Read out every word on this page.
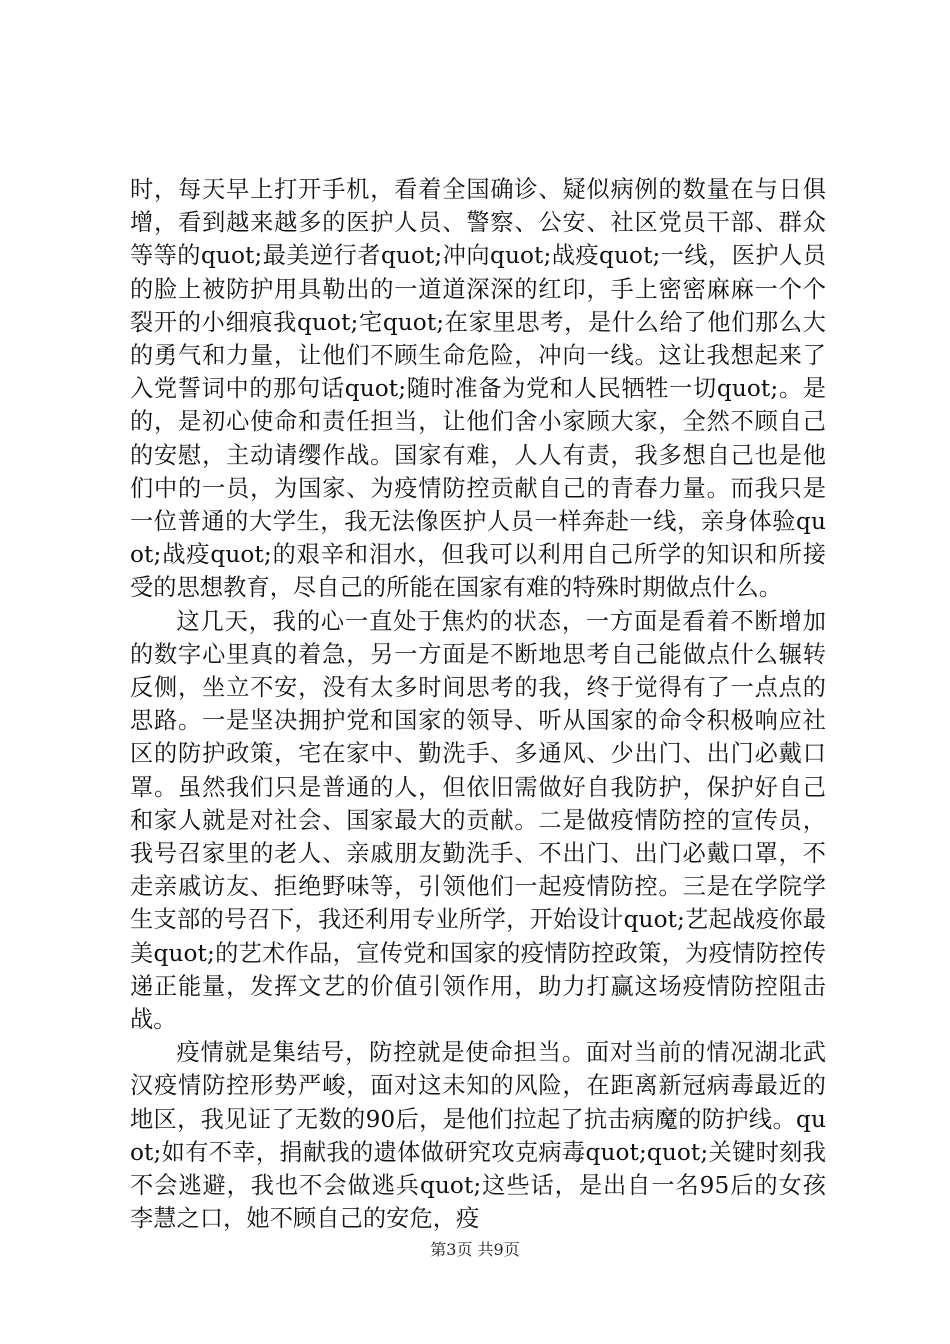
时，每天早上打开手机，看着全国确诊、疑似病例的数量在与日俱增，看到越来越多的医护人员、警察、公安、社区党员干部、群众等等的quot;最美逆行者quot;冲向quot;战疫quot;一线，医护人员的脸上被防护用具勒出的一道道深深的红印，手上密密麻麻一个个裂开的小细痕我quot;宅quot;在家里思考，是什么给了他们那么大的勇气和力量，让他们不顾生命危险，冲向一线。这让我想起来了入党誓词中的那句话quot;随时准备为党和人民牺牲一切quot;。是的，是初心使命和责任担当，让他们舍小家顾大家，全然不顾自己的安慰，主动请缨作战。国家有难，人人有责，我多想自己也是他们中的一员，为国家、为疫情防控贡献自己的青春力量。而我只是一位普通的大学生，我无法像医护人员一样奔赴一线，亲身体验quot;战疫quot;的艰辛和泪水，但我可以利用自己所学的知识和所接受的思想教育，尽自己的所能在国家有难的特殊时期做点什么。

这几天，我的心一直处于焦灼的状态，一方面是看着不断增加的数字心里真的着急，另一方面是不断地思考自己能做点什么辗转反侧，坐立不安，没有太多时间思考的我，终于觉得有了一点点的思路。一是坚决拥护党和国家的领导、听从国家的命令积极响应社区的防护政策，宅在家中、勤洗手、多通风、少出门、出门必戴口罩。虽然我们只是普通的人，但依旧需做好自我防护，保护好自己和家人就是对社会、国家最大的贡献。二是做疫情防控的宣传员，我号召家里的老人、亲戚朋友勤洗手、不出门、出门必戴口罩，不走亲戚访友、拒绝野味等，引领他们一起疫情防控。三是在学院学生支部的号召下，我还利用专业所学，开始设计quot;艺起战疫你最美quot;的艺术作品，宣传党和国家的疫情防控政策，为疫情防控传递正能量，发挥文艺的价值引领作用，助力打赢这场疫情防控阻击战。

疫情就是集结号，防控就是使命担当。面对当前的情况湖北武汉疫情防控形势严峻，面对这未知的风险，在距离新冠病毒最近的地区，我见证了无数的90后，是他们拉起了抗击病魔的防护线。quot;如有不幸，捐献我的遗体做研究攻克病毒quot;quot;关键时刻我不会逃避，我也不会做逃兵quot;这些话，是出自一名95后的女孩李慧之口，她不顾自己的安危，疫

第3页 共9页
